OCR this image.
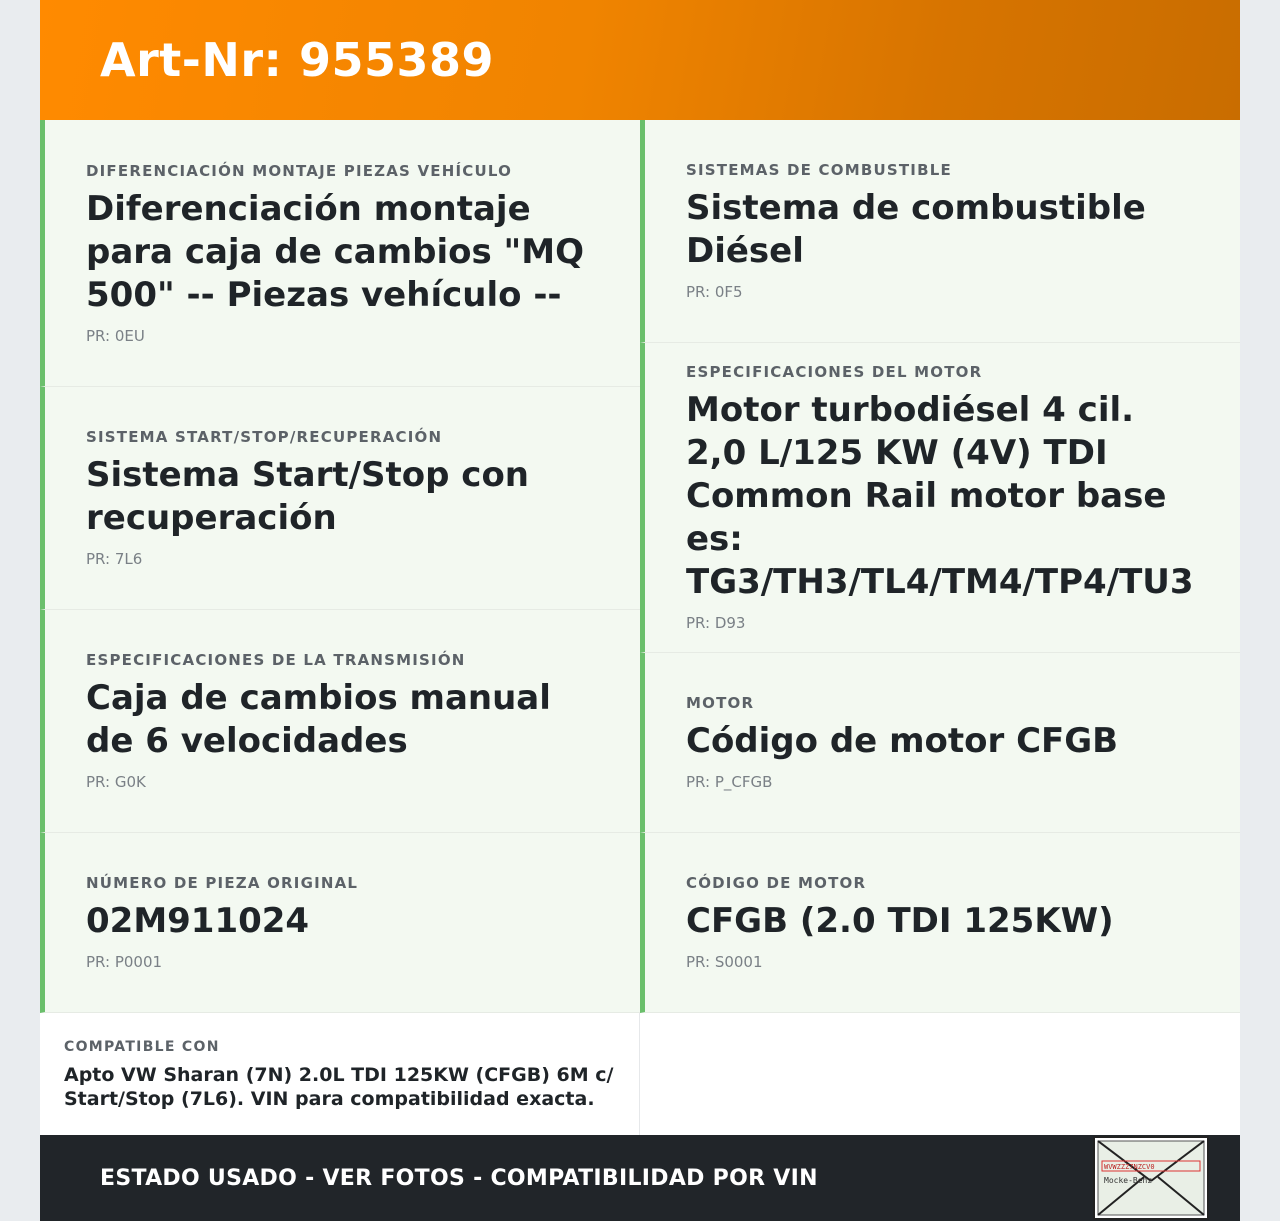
Art-Nr: 955389
DIFERENCIACIÓN MONTAJE PIEZAS VEHÍCULO
Diferenciación montaje para caja de cambios "MQ 500" -- Piezas vehículo --
PR: 0EU
SISTEMA START/STOP/RECUPERACIÓN
Sistema Start/Stop con recuperación
PR: 7L6
ESPECIFICACIONES DE LA TRANSMISIÓN
Caja de cambios manual de 6 velocidades
PR: G0K
NÚMERO DE PIEZA ORIGINAL
02M911024
PR: P0001
SISTEMAS DE COMBUSTIBLE
Sistema de combustible Diésel
PR: 0F5
ESPECIFICACIONES DEL MOTOR
Motor turbodiésel 4 cil. 2,0 L/125 KW (4V) TDI Common Rail motor base es: TG3/TH3/TL4/TM4/TP4/TU3
PR: D93
MOTOR
Código de motor CFGB
PR: P_CFGB
CÓDIGO DE MOTOR
CFGB (2.0 TDI 125KW)
PR: S0001
COMPATIBLE CON
Apto VW Sharan (7N) 2.0L TDI 125KW (CFGB) 6M c/ Start/Stop (7L6). VIN para compatibilidad exacta.
ESTADO USADO - VER FOTOS - COMPATIBILIDAD POR VIN	WVWZZZ7NZCV0
Mocke-Benz
